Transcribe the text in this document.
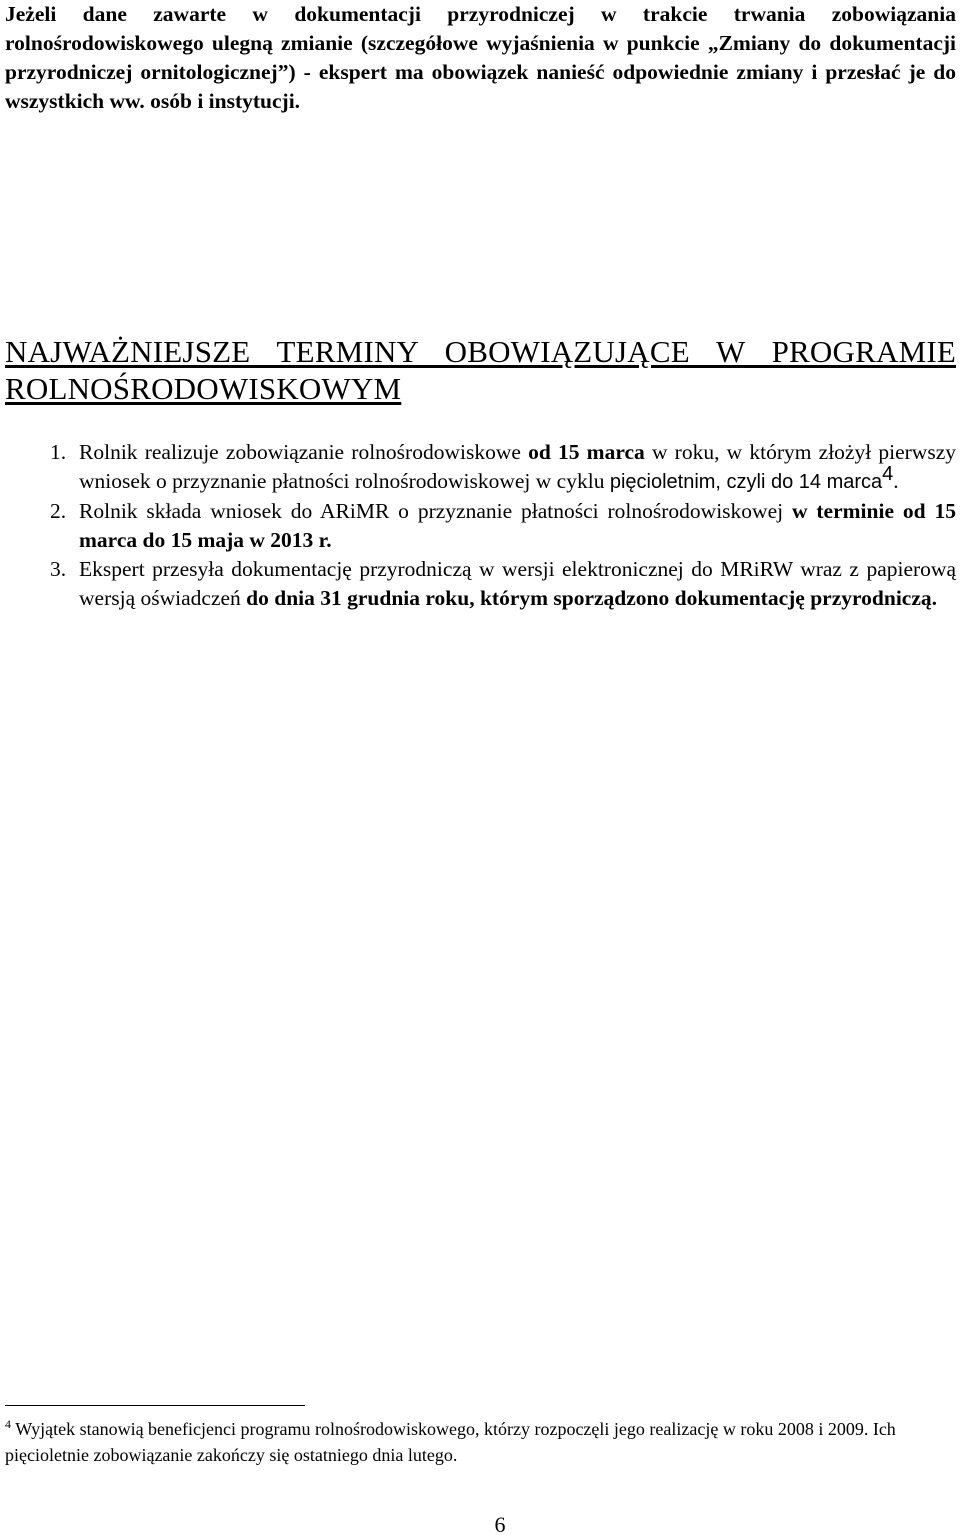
Jeżeli dane zawarte w dokumentacji przyrodniczej w trakcie trwania zobowiązania rolnośrodowiskowego ulegną zmianie (szczegółowe wyjaśnienia w punkcie „Zmiany do dokumentacji przyrodniczej ornitologicznej”) - ekspert ma obowiązek nanieść odpowiednie zmiany i przesłać je do wszystkich ww. osób i instytucji.

NAJWAŻNIEJSZE TERMINY OBOWIĄZUJĄCE W PROGRAMIE ROLNOŚRODOWISKOWYM
1. Rolnik realizuje zobowiązanie rolnośrodowiskowe od 15 marca w roku, w którym złożył pierwszy wniosek o przyznanie płatności rolnośrodowiskowej w cyklu pięcioletnim, czyli do 14 marca$^4$.
2. Rolnik składa wniosek do ARiMR o przyznanie płatności rolnośrodowiskowej w terminie od 15 marca do 15 maja w 2013 r.
3. Ekspert przesyła dokumentację przyrodniczą w wersji elektronicznej do MRiRW wraz z papierową wersją oświadczeń do dnia 31 grudnia roku, którym sporządzono dokumentację przyrodniczą.

$^4$ Wyjątek stanowią beneficjenci programu rolnośrodowiskowego, którzy rozpoczęli jego realizację w roku 2008 i 2009. Ich pięcioletnie zobowiązanie zakończy się ostatniego dnia lutego.

6
